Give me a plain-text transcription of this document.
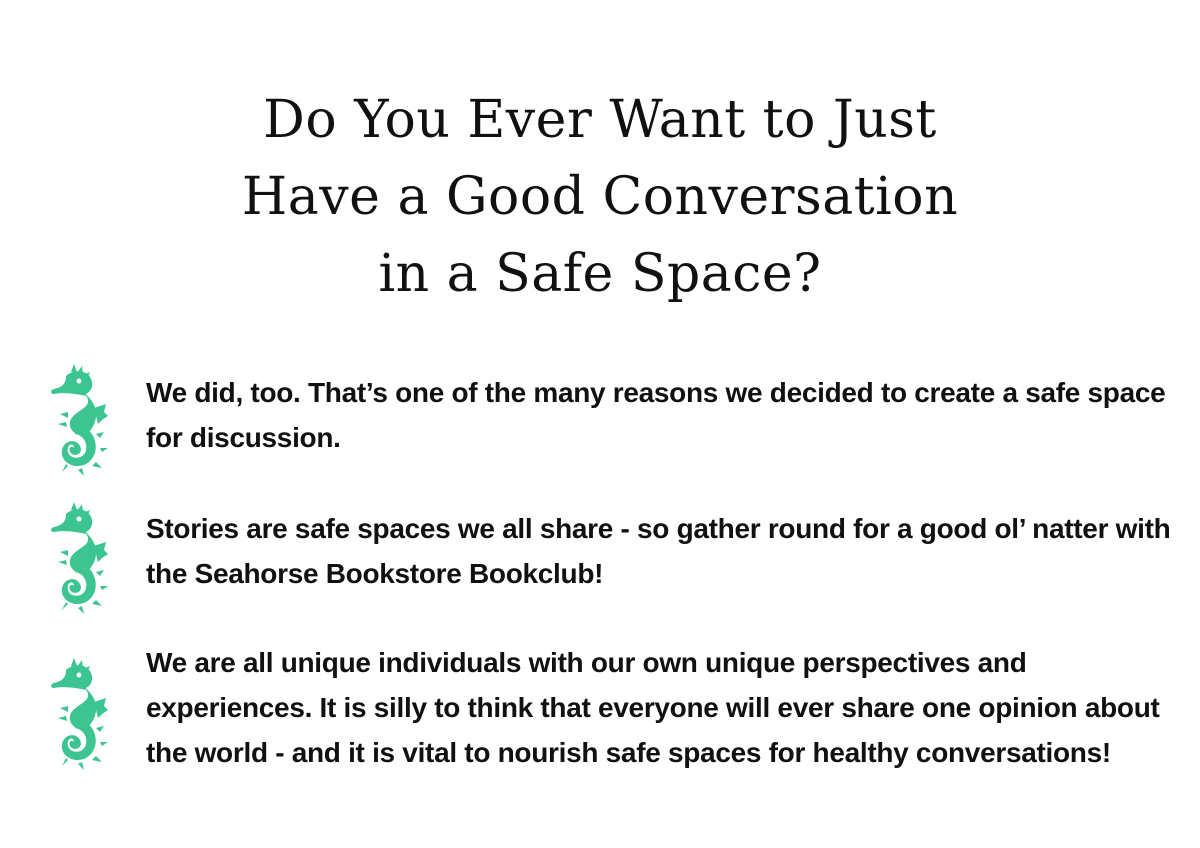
Do You Ever Want to Just
Have a Good Conversation
in a Safe Space?

We did, too. That’s one of the many reasons we decided to create a safe space for discussion.

Stories are safe spaces we all share - so gather round for a good ol’ natter with the Seahorse Bookstore Bookclub!

We are all unique individuals with our own unique perspectives and experiences. It is silly to think that everyone will ever share one opinion about the world - and it is vital to nourish safe spaces for healthy conversations!
